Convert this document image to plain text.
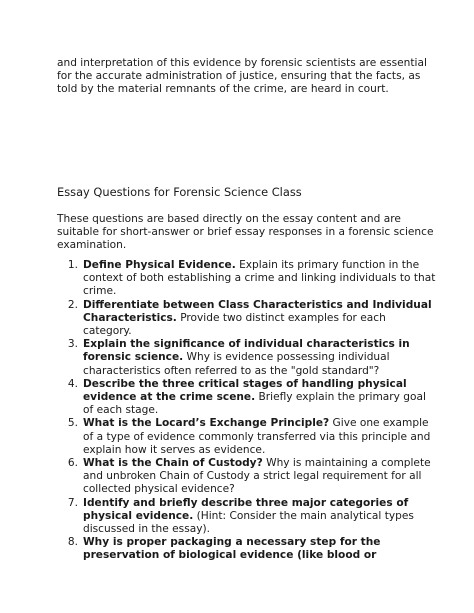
and interpretation of this evidence by forensic scientists are essential for the accurate administration of justice, ensuring that the facts, as told by the material remnants of the crime, are heard in court.

Essay Questions for Forensic Science Class

These questions are based directly on the essay content and are suitable for short-answer or brief essay responses in a forensic science examination.

1. Define Physical Evidence. Explain its primary function in the context of both establishing a crime and linking individuals to that crime.
2. Differentiate between Class Characteristics and Individual Characteristics. Provide two distinct examples for each category.
3. Explain the significance of individual characteristics in forensic science. Why is evidence possessing individual characteristics often referred to as the "gold standard"?
4. Describe the three critical stages of handling physical evidence at the crime scene. Briefly explain the primary goal of each stage.
5. What is the Locard’s Exchange Principle? Give one example of a type of evidence commonly transferred via this principle and explain how it serves as evidence.
6. What is the Chain of Custody? Why is maintaining a complete and unbroken Chain of Custody a strict legal requirement for all collected physical evidence?
7. Identify and briefly describe three major categories of physical evidence. (Hint: Consider the main analytical types discussed in the essay).
8. Why is proper packaging a necessary step for the preservation of biological evidence (like blood or
